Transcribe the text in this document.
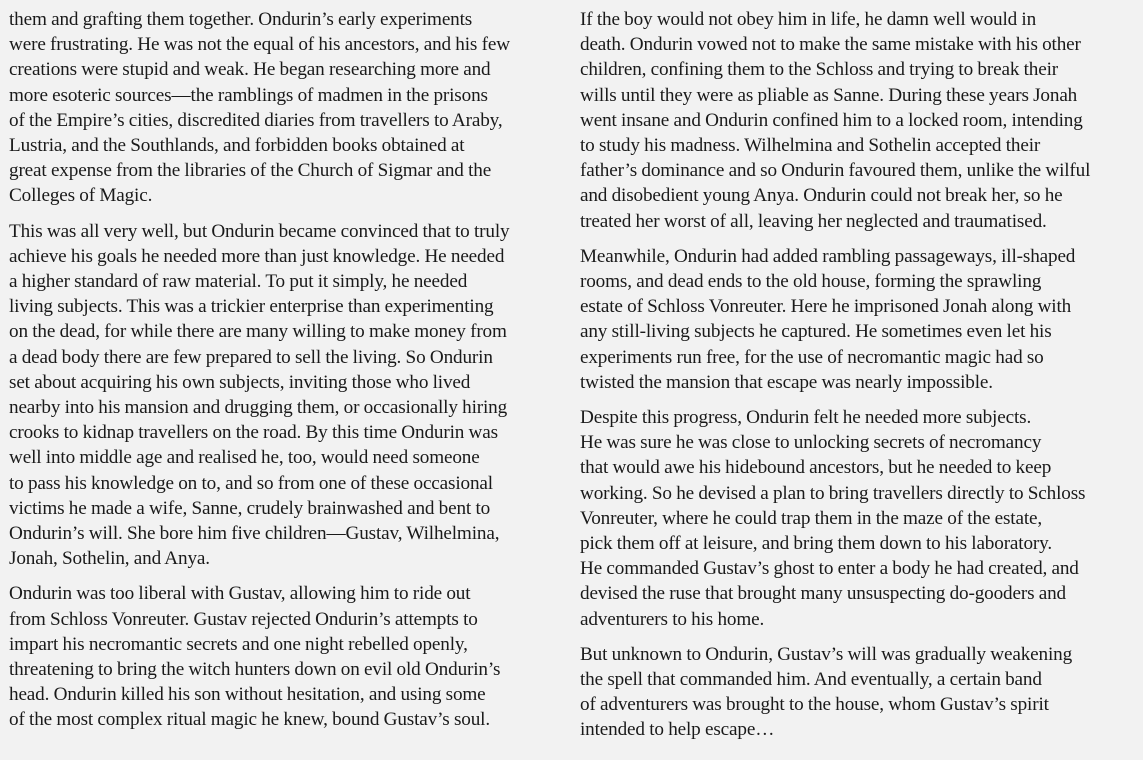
them and grafting them together. Ondurin’s early experiments
were frustrating. He was not the equal of his ancestors, and his few
creations were stupid and weak. He began researching more and
more esoteric sources—the ramblings of madmen in the prisons
of the Empire’s cities, discredited diaries from travellers to Araby,
Lustria, and the Southlands, and forbidden books obtained at
great expense from the libraries of the Church of Sigmar and the
Colleges of Magic.

This was all very well, but Ondurin became convinced that to truly
achieve his goals he needed more than just knowledge. He needed
a higher standard of raw material. To put it simply, he needed
living subjects. This was a trickier enterprise than experimenting
on the dead, for while there are many willing to make money from
a dead body there are few prepared to sell the living. So Ondurin
set about acquiring his own subjects, inviting those who lived
nearby into his mansion and drugging them, or occasionally hiring
crooks to kidnap travellers on the road. By this time Ondurin was
well into middle age and realised he, too, would need someone
to pass his knowledge on to, and so from one of these occasional
victims he made a wife, Sanne, crudely brainwashed and bent to
Ondurin’s will. She bore him five children—Gustav, Wilhelmina,
Jonah, Sothelin, and Anya.

Ondurin was too liberal with Gustav, allowing him to ride out
from Schloss Vonreuter. Gustav rejected Ondurin’s attempts to
impart his necromantic secrets and one night rebelled openly,
threatening to bring the witch hunters down on evil old Ondurin’s
head. Ondurin killed his son without hesitation, and using some
of the most complex ritual magic he knew, bound Gustav’s soul.

If the boy would not obey him in life, he damn well would in
death. Ondurin vowed not to make the same mistake with his other
children, confining them to the Schloss and trying to break their
wills until they were as pliable as Sanne. During these years Jonah
went insane and Ondurin confined him to a locked room, intending
to study his madness. Wilhelmina and Sothelin accepted their
father’s dominance and so Ondurin favoured them, unlike the wilful
and disobedient young Anya. Ondurin could not break her, so he
treated her worst of all, leaving her neglected and traumatised.

Meanwhile, Ondurin had added rambling passageways, ill-shaped
rooms, and dead ends to the old house, forming the sprawling
estate of Schloss Vonreuter. Here he imprisoned Jonah along with
any still-living subjects he captured. He sometimes even let his
experiments run free, for the use of necromantic magic had so
twisted the mansion that escape was nearly impossible.

Despite this progress, Ondurin felt he needed more subjects.
He was sure he was close to unlocking secrets of necromancy
that would awe his hidebound ancestors, but he needed to keep
working. So he devised a plan to bring travellers directly to Schloss
Vonreuter, where he could trap them in the maze of the estate,
pick them off at leisure, and bring them down to his laboratory.
He commanded Gustav’s ghost to enter a body he had created, and
devised the ruse that brought many unsuspecting do-gooders and
adventurers to his home.

But unknown to Ondurin, Gustav’s will was gradually weakening
the spell that commanded him. And eventually, a certain band
of adventurers was brought to the house, whom Gustav’s spirit
intended to help escape…
